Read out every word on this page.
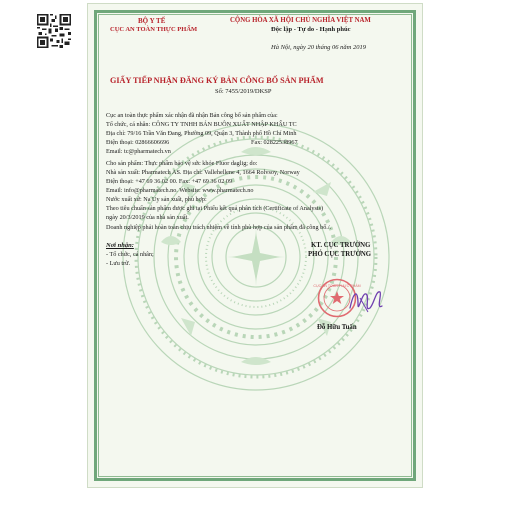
BỘ Y TẾ
CỤC AN TOÀN THỰC PHẨM
CỘNG HÒA XÃ HỘI CHỦ NGHĨA VIỆT NAM
Độc lập - Tự do - Hạnh phúc
Hà Nội, ngày 20 tháng 06 năm 2019
GIẤY TIẾP NHẬN ĐĂNG KÝ BẢN CÔNG BỐ SẢN PHẨM
Số: 7455/2019/DKSP
Cục an toàn thực phẩm xác nhận đã nhận Bản công bố sản phẩm của:
Tổ chức, cá nhân: CÔNG TY TNHH BÁN BUÔN XUẤT NHẬP KHẨU TC
Địa chỉ: 79/16 Trần Văn Đang, Phường 09, Quận 3, Thành phố Hồ Chí Minh
Điện thoại: 02866606696	Fax: 02822538967
Email: tc@pharmatech.vn
Cho sản phẩm: Thực phẩm bảo vệ sức khỏe Fluor daglig; do:
Nhà sản xuất: Pharmatech AS. Địa chỉ: Vallehellene 4, 1664 Rolvsoy, Norway
Điện thoại: +47 69 36 02 00. Fax: +47 69 36 02 09
Email: info@pharmatech.no. Website: www.pharmatech.no
Nước xuất xứ: Na Uy sản xuất, phù hợp:
Theo tiêu chuẩn sản phẩm được ghi tại Phiếu kết quả phân tích (Certificate of Analysis)
ngày 20/3/2019 của nhà sản xuất.
Doanh nghiệp phải hoàn toàn chịu trách nhiệm về tính phù hợp của sản phẩm đã công bố./.
Nơi nhận:
- Tổ chức, cá nhân;
- Lưu trữ.
KT. CỤC TRƯỞNG
PHÓ CỤC TRƯỞNG
CỤC AN TOÀN THỰC PHẨM
Đỗ Hữu Tuấn
